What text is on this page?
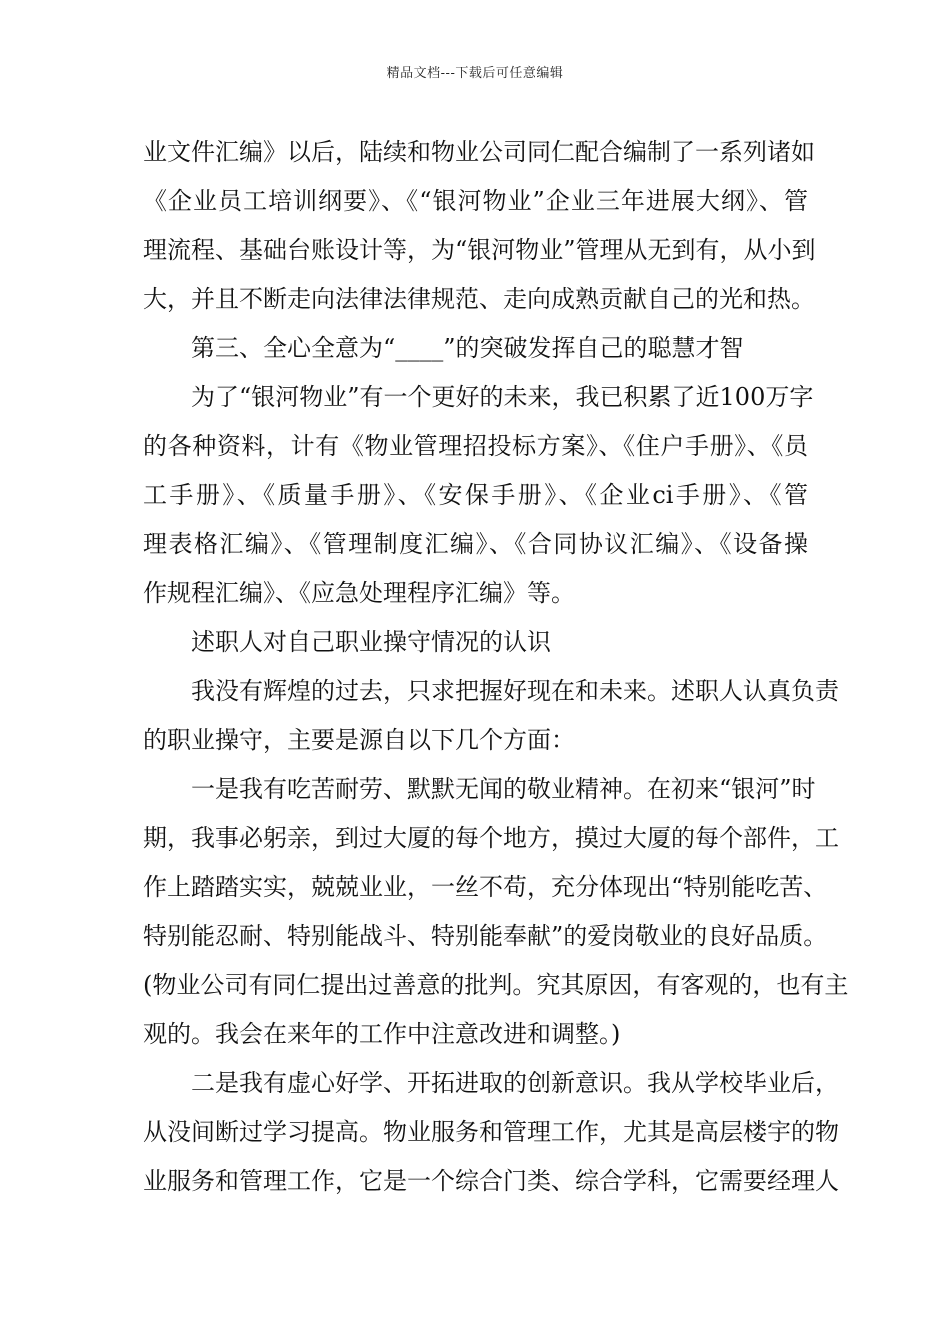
精品文档---下载后可任意编辑
业文件汇编》以后，陆续和物业公司同仁配合编制了一系列诸如
《企业员工培训纲要》、《“银河物业”企业三年进展大纲》、管
理流程、基础台账设计等，为“银河物业”管理从无到有，从小到
大，并且不断走向法律法律规范、走向成熟贡献自己的光和热。
第三、全心全意为“____”的突破发挥自己的聪慧才智
为了“银河物业”有一个更好的未来，我已积累了近100万字
的各种资料，计有《物业管理招投标方案》、《住户手册》、《员
工手册》、《质量手册》、《安保手册》、《企业ci手册》、《管
理表格汇编》、《管理制度汇编》、《合同协议汇编》、《设备操
作规程汇编》、《应急处理程序汇编》等。
述职人对自己职业操守情况的认识
我没有辉煌的过去，只求把握好现在和未来。述职人认真负责
的职业操守，主要是源自以下几个方面：
一是我有吃苦耐劳、默默无闻的敬业精神。在初来“银河”时
期，我事必躬亲，到过大厦的每个地方，摸过大厦的每个部件，工
作上踏踏实实，兢兢业业，一丝不苟，充分体现出“特别能吃苦、
特别能忍耐、特别能战斗、特别能奉献”的爱岗敬业的良好品质。
(物业公司有同仁提出过善意的批判。究其原因，有客观的，也有主
观的。我会在来年的工作中注意改进和调整。)
二是我有虚心好学、开拓进取的创新意识。我从学校毕业后，
从没间断过学习提高。物业服务和管理工作，尤其是高层楼宇的物
业服务和管理工作，它是一个综合门类、综合学科，它需要经理人
